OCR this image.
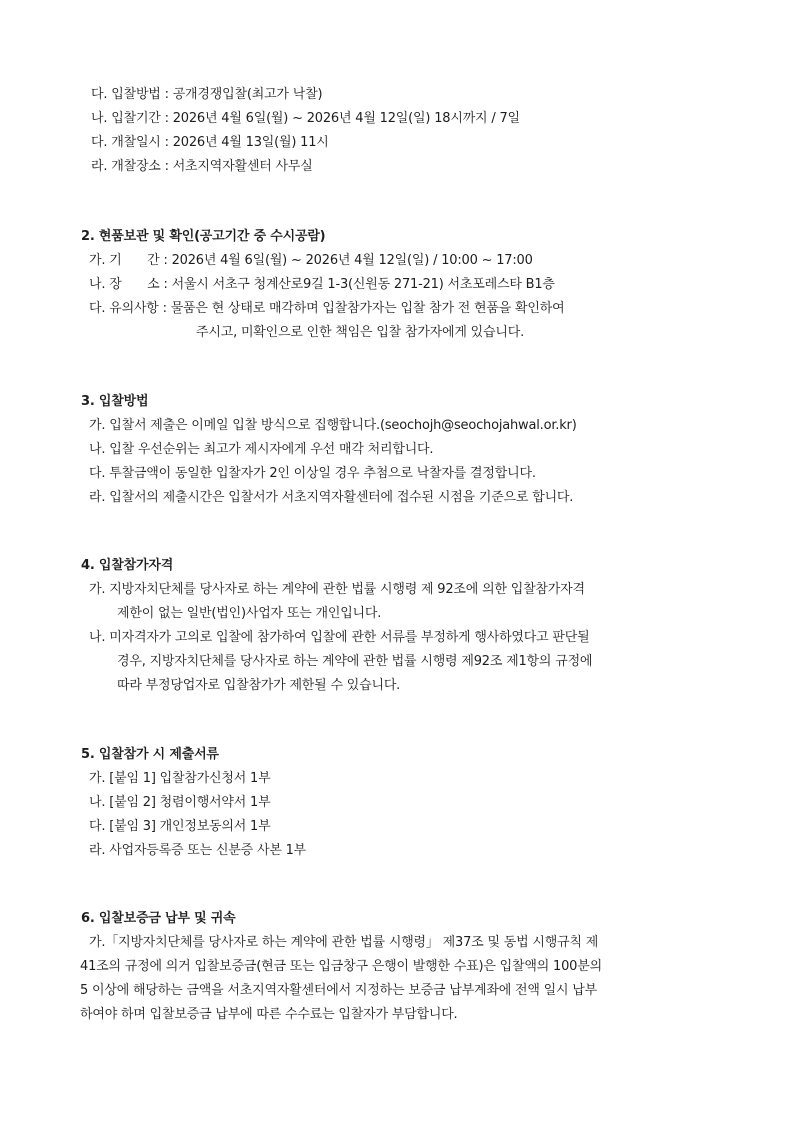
다. 입찰방법 : 공개경쟁입찰(최고가 낙찰)
나. 입찰기간 : 2026년 4월 6일(월) ~ 2026년 4월 12일(일) 18시까지 / 7일
다. 개찰일시 : 2026년 4월 13일(월) 11시
라. 개찰장소 : 서초지역자활센터 사무실
2. 현품보관 및 확인(공고기간 중 수시공람)
가. 기　　간 : 2026년 4월 6일(월) ~ 2026년 4월 12일(일) / 10:00 ~ 17:00
나. 장　　소 : 서울시 서초구 청계산로9길 1-3(신원동 271-21) 서초포레스타 B1층
다. 유의사항 : 물품은 현 상태로 매각하며 입찰참가자는 입찰 참가 전 현품을 확인하여
주시고, 미확인으로 인한 책임은 입찰 참가자에게 있습니다.
3. 입찰방법
가. 입찰서 제출은 이메일 입찰 방식으로 집행합니다.(seochojh@seochojahwal.or.kr)
나. 입찰 우선순위는 최고가 제시자에게 우선 매각 처리합니다.
다. 투찰금액이 동일한 입찰자가 2인 이상일 경우 추첨으로 낙찰자를 결정합니다.
라. 입찰서의 제출시간은 입찰서가 서초지역자활센터에 접수된 시점을 기준으로 합니다.
4. 입찰참가자격
가. 지방자치단체를 당사자로 하는 계약에 관한 법률 시행령 제 92조에 의한 입찰참가자격
제한이 없는 일반(법인)사업자 또는 개인입니다.
나. 미자격자가 고의로 입찰에 참가하여 입찰에 관한 서류를 부정하게 행사하였다고 판단될
경우, 지방자치단체를 당사자로 하는 계약에 관한 법률 시행령 제92조 제1항의 규정에
따라 부정당업자로 입찰참가가 제한될 수 있습니다.
5. 입찰참가 시 제출서류
가. [붙임 1] 입찰참가신청서 1부
나. [붙임 2] 청렴이행서약서 1부
다. [붙임 3] 개인정보동의서 1부
라. 사업자등록증 또는 신분증 사본 1부
6. 입찰보증금 납부 및 귀속
가.「지방자치단체를 당사자로 하는 계약에 관한 법률 시행령」 제37조 및 동법 시행규칙 제
41조의 규정에 의거 입찰보증금(현금 또는 입금창구 은행이 발행한 수표)은 입찰액의 100분의
5 이상에 해당하는 금액을 서초지역자활센터에서 지정하는 보증금 납부계좌에 전액 일시 납부
하여야 하며 입찰보증금 납부에 따른 수수료는 입찰자가 부담합니다.
